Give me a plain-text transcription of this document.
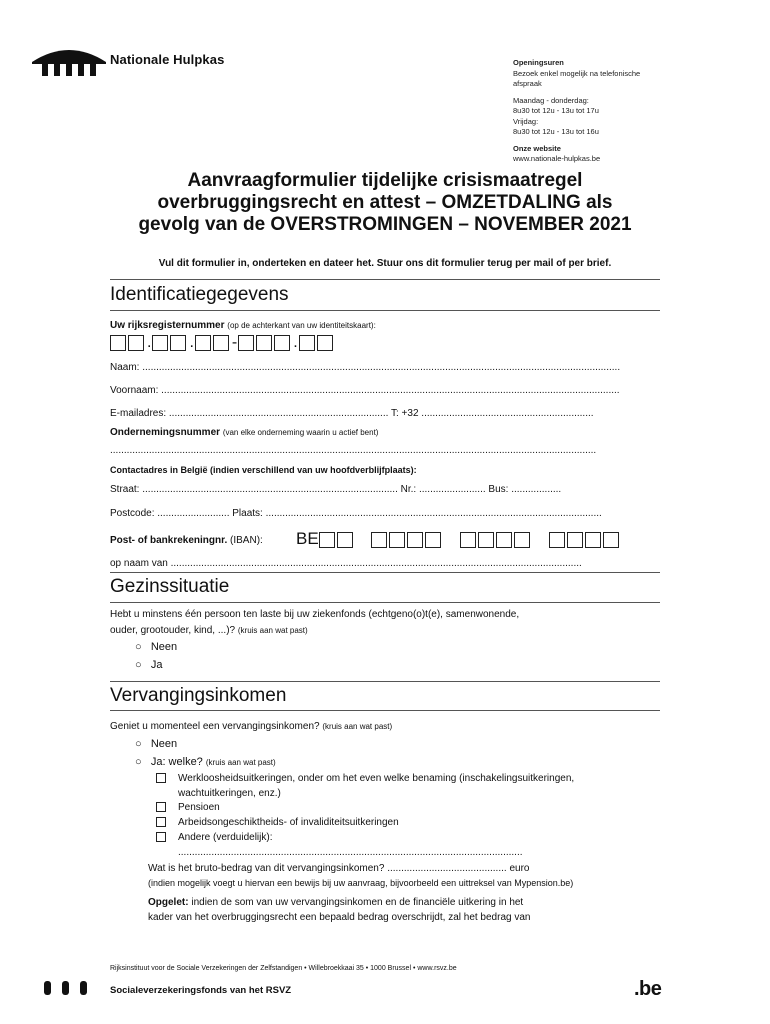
Nationale Hulpkas	Openingsuren
Bezoek enkel mogelijk na telefonische afspraak
Maandag - donderdag:
8u30 tot 12u - 13u tot 17u
Vrijdag:
8u30 tot 12u - 13u tot 16u
Onze website
www.nationale-hulpkas.be
Aanvraagformulier tijdelijke crisismaatregel
overbruggingsrecht en attest – OMZETDALING als
gevolg van de OVERSTROMINGEN – NOVEMBER 2021
Vul dit formulier in, onderteken en dateer het. Stuur ons dit formulier terug per mail of per brief.
Identificatiegegevens
Uw rijksregisternummer (op de achterkant van uw identiteitskaart):
. . -	.
Naam: ............................................................................................................................................................................
Voornaam: .....................................................................................................................................................................
E-mailadres: ............................................................................... T: +32 ..............................................................
Ondernemingsnummer (van elke onderneming waarin u actief bent)
...............................................................................................................................................................................
Contactadres in België (indien verschillend van uw hoofdverblijfplaats):
Straat: ............................................................................................ Nr.: ........................ Bus: ..................
Postcode: .......................... Plaats: .........................................................................................................................
Post- of bankrekeningnr. (IBAN): BE
op naam van ....................................................................................................................................................
Gezinssituatie
Hebt u minstens één persoon ten laste bij uw ziekenfonds (echtgeno(o)t(e), samenwonende,
ouder, grootouder, kind, ...)? (kruis aan wat past)
○ Neen
○ Ja
Vervangingsinkomen
Geniet u momenteel een vervangingsinkomen? (kruis aan wat past)
○ Neen
○ Ja: welke? (kruis aan wat past)
Werkloosheidsuitkeringen, onder om het even welke benaming (inschakelingsuitkeringen,
wachtuitkeringen, enz.)
Pensioen
Arbeidsongeschiktheids- of invaliditeitsuitkeringen
Andere (verduidelijk):
............................................................................................................................
Wat is het bruto-bedrag van dit vervangingsinkomen? ........................................... euro
(indien mogelijk voegt u hiervan een bewijs bij uw aanvraag, bijvoorbeeld een uittreksel van Mypension.be)
Opgelet: indien de som van uw vervangingsinkomen en de financiële uitkering in het
kader van het overbruggingsrecht een bepaald bedrag overschrijdt, zal het bedrag van
Rijksinstituut voor de Sociale Verzekeringen der Zelfstandigen • Willebroekkaai 35 • 1000 Brussel • www.rsvz.be
Socialeverzekeringsfonds van het RSVZ	.be
